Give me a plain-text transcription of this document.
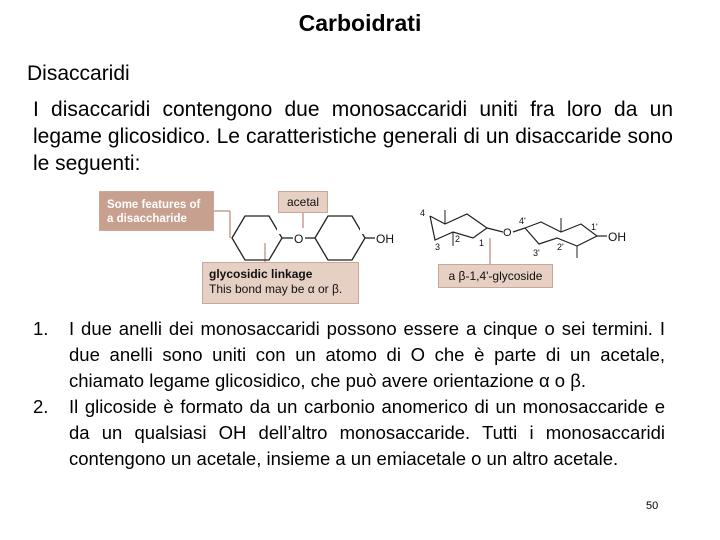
Carboidrati
Disaccaridi
I disaccaridi contengono due monosaccaridi uniti fra loro da un legame glicosidico. Le caratteristiche generali di un disaccaride sono le seguenti:
O	OH	O	OH
4
3
2 1
4'
1'
3'
2'
Some features of
a disaccharide
acetal
glycosidic linkage
This bond may be α or β.
a β-1,4'-glycoside
1. I due anelli dei monosaccaridi possono essere a cinque o sei termini. I due anelli sono uniti con un atomo di O che è parte di un acetale, chiamato legame glicosidico, che può avere orientazione α o β.
2. Il glicoside è formato da un carbonio anomerico di un monosaccaride e da un qualsiasi OH dell’altro monosaccaride. Tutti i monosaccaridi contengono un acetale, insieme a un emiacetale o un altro acetale.
50
